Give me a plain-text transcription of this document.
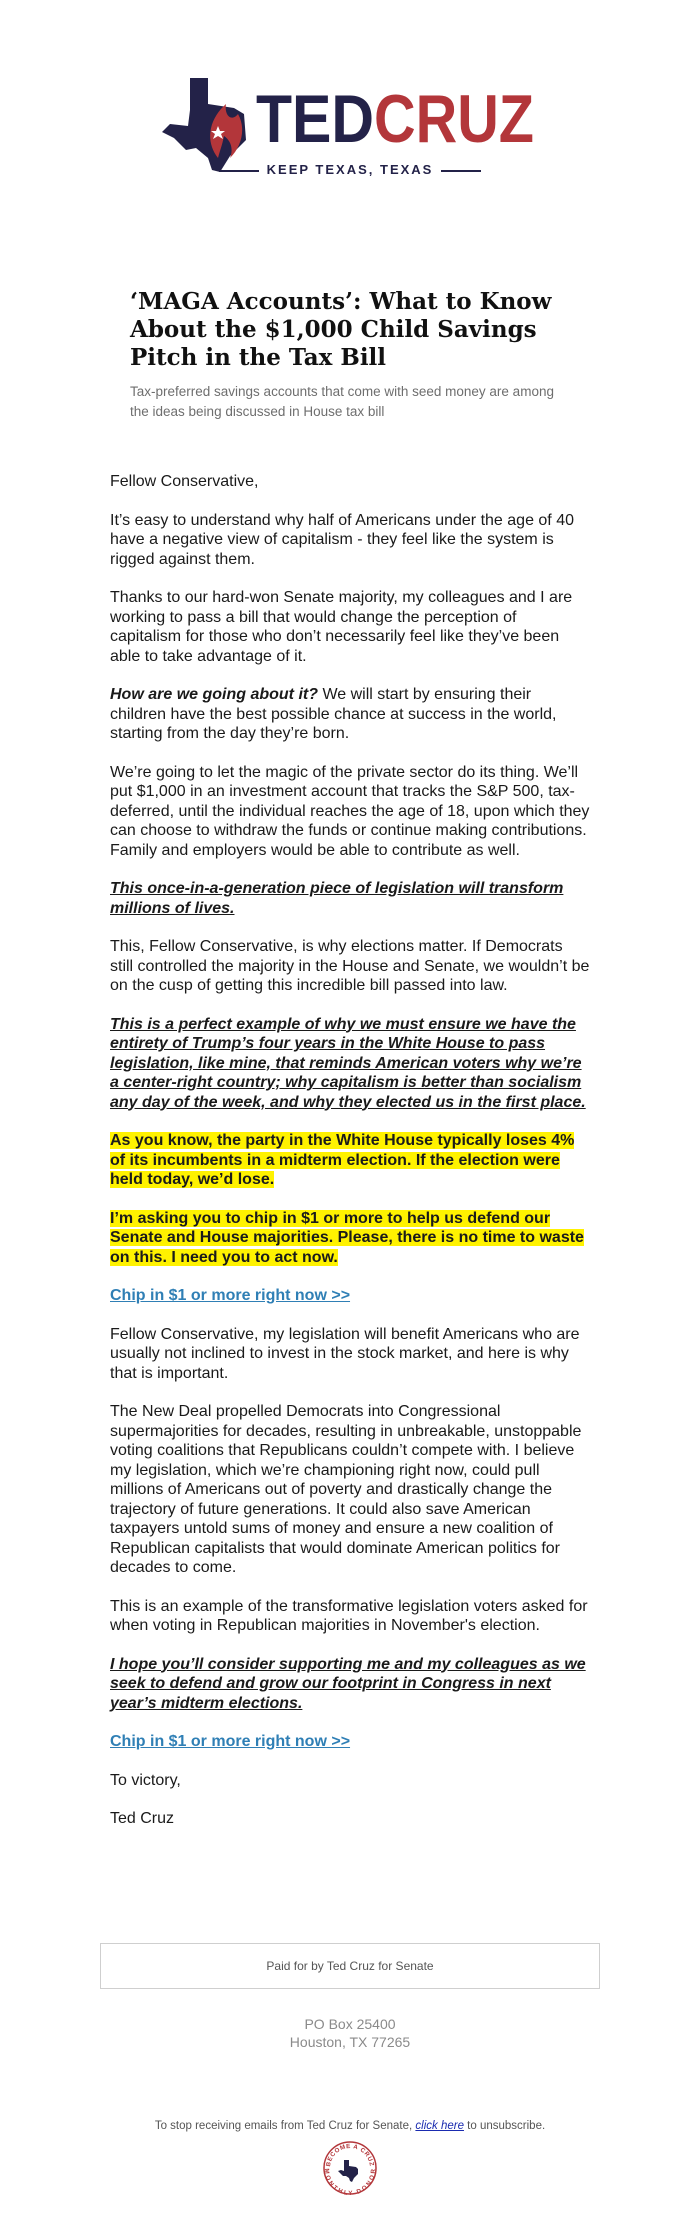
TED CRUZ
KEEP TEXAS, TEXAS
‘MAGA Accounts’: What to Know About the $1,000 Child Savings Pitch in the Tax Bill
Tax-preferred savings accounts that come with seed money are among the ideas being discussed in House tax bill

Fellow Conservative,

It’s easy to understand why half of Americans under the age of 40 have a negative view of capitalism - they feel like the system is rigged against them.

Thanks to our hard-won Senate majority, my colleagues and I are working to pass a bill that would change the perception of capitalism for those who don’t necessarily feel like they’ve been able to take advantage of it.

How are we going about it? We will start by ensuring their children have the best possible chance at success in the world, starting from the day they’re born.

We’re going to let the magic of the private sector do its thing. We’ll put $1,000 in an investment account that tracks the S&P 500, tax-deferred, until the individual reaches the age of 18, upon which they can choose to withdraw the funds or continue making contributions. Family and employers would be able to contribute as well.

This once-in-a-generation piece of legislation will transform millions of lives.

This, Fellow Conservative, is why elections matter. If Democrats still controlled the majority in the House and Senate, we wouldn’t be on the cusp of getting this incredible bill passed into law.

This is a perfect example of why we must ensure we have the entirety of Trump’s four years in the White House to pass legislation, like mine, that reminds American voters why we’re a center-right country; why capitalism is better than socialism any day of the week, and why they elected us in the first place.

As you know, the party in the White House typically loses 4% of its incumbents in a midterm election. If the election were held today, we’d lose.

I’m asking you to chip in $1 or more to help us defend our Senate and House majorities. Please, there is no time to waste on this. I need you to act now.

Chip in $1 or more right now >>

Fellow Conservative, my legislation will benefit Americans who are usually not inclined to invest in the stock market, and here is why that is important.

The New Deal propelled Democrats into Congressional supermajorities for decades, resulting in unbreakable, unstoppable voting coalitions that Republicans couldn’t compete with. I believe my legislation, which we’re championing right now, could pull millions of Americans out of poverty and drastically change the trajectory of future generations. It could also save American taxpayers untold sums of money and ensure a new coalition of Republican capitalists that would dominate American politics for decades to come.

This is an example of the transformative legislation voters asked for when voting in Republican majorities in November's election.

I hope you’ll consider supporting me and my colleagues as we seek to defend and grow our footprint in Congress in next year’s midterm elections.

Chip in $1 or more right now >>

To victory,

Ted Cruz

Paid for by Ted Cruz for Senate
PO Box 25400
Houston, TX 77265
To stop receiving emails from Ted Cruz for Senate, click here to unsubscribe.
BECOME A CRUZ
MONTHLY DONOR
